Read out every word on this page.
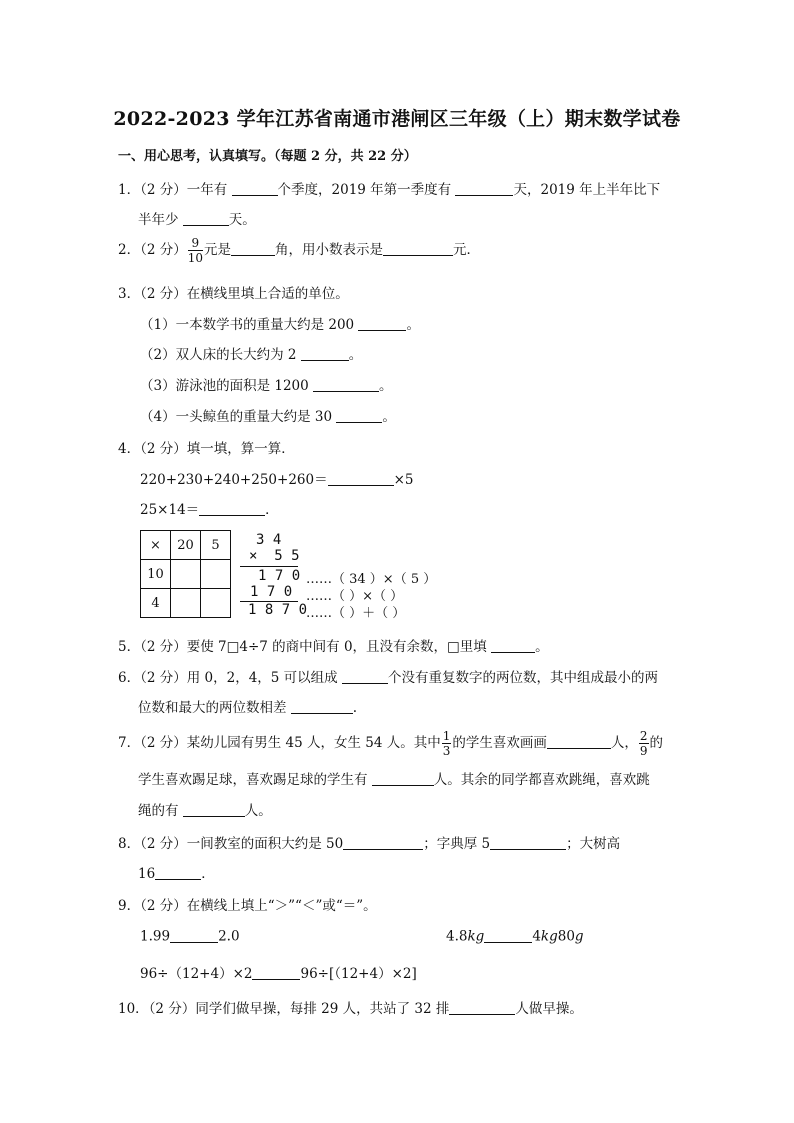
2022-2023 学年江苏省南通市港闸区三年级（上）期末数学试卷
一、用心思考，认真填写。（每题 2 分，共 22 分）
1．（2 分）一年有	个季度，2019 年第一季度有	天，2019 年上半年比下
半年少	天。
2．（2 分） $\frac{9}{10}$ 元是	角，用小数表示是	元．
3．（2 分）在横线里填上合适的单位。
（1）一本数学书的重量大约是 200	。
（2）双人床的长大约为 2	。
（3）游泳池的面积是 1200	。
（4）一头鲸鱼的重量大约是 30	。
4．（2 分）填一填，算一算．
220+230+240+250+260＝	×5
25×14＝	．
×	20	5
10		
4		
3 4
×  5 5
1 7 0
1 7 0
1 8 7 0
……（ 34 ）×（ 5 ）
……（ ）×（ ）
……（ ）＋（ ）
5．（2 分）要使 7□4÷7 的商中间有 0，且没有余数，□里填	。
6．（2 分）用 0，2，4，5 可以组成	个没有重复数字的两位数，其中组成最小的两
位数和最大的两位数相差	.
7．（2 分）某幼儿园有男生 45 人，女生 54 人。其中 $\frac{1}{3}$ 的学生喜欢画画	人， $\frac{2}{9}$ 的
学生喜欢踢足球，喜欢踢足球的学生有	人。其余的同学都喜欢跳绳，喜欢跳
绳的有	人。
8．（2 分）一间教室的面积大约是 50	；字典厚 5	；大树高
16	．
9．（2 分）在横线上填上“＞”“＜”或“＝”。
1.99	2.0	4.8kg	4kg80g
96÷（12+4）×2	96÷[（12+4）×2]
10．（2 分）同学们做早操，每排 29 人，共站了 32 排	人做早操。
